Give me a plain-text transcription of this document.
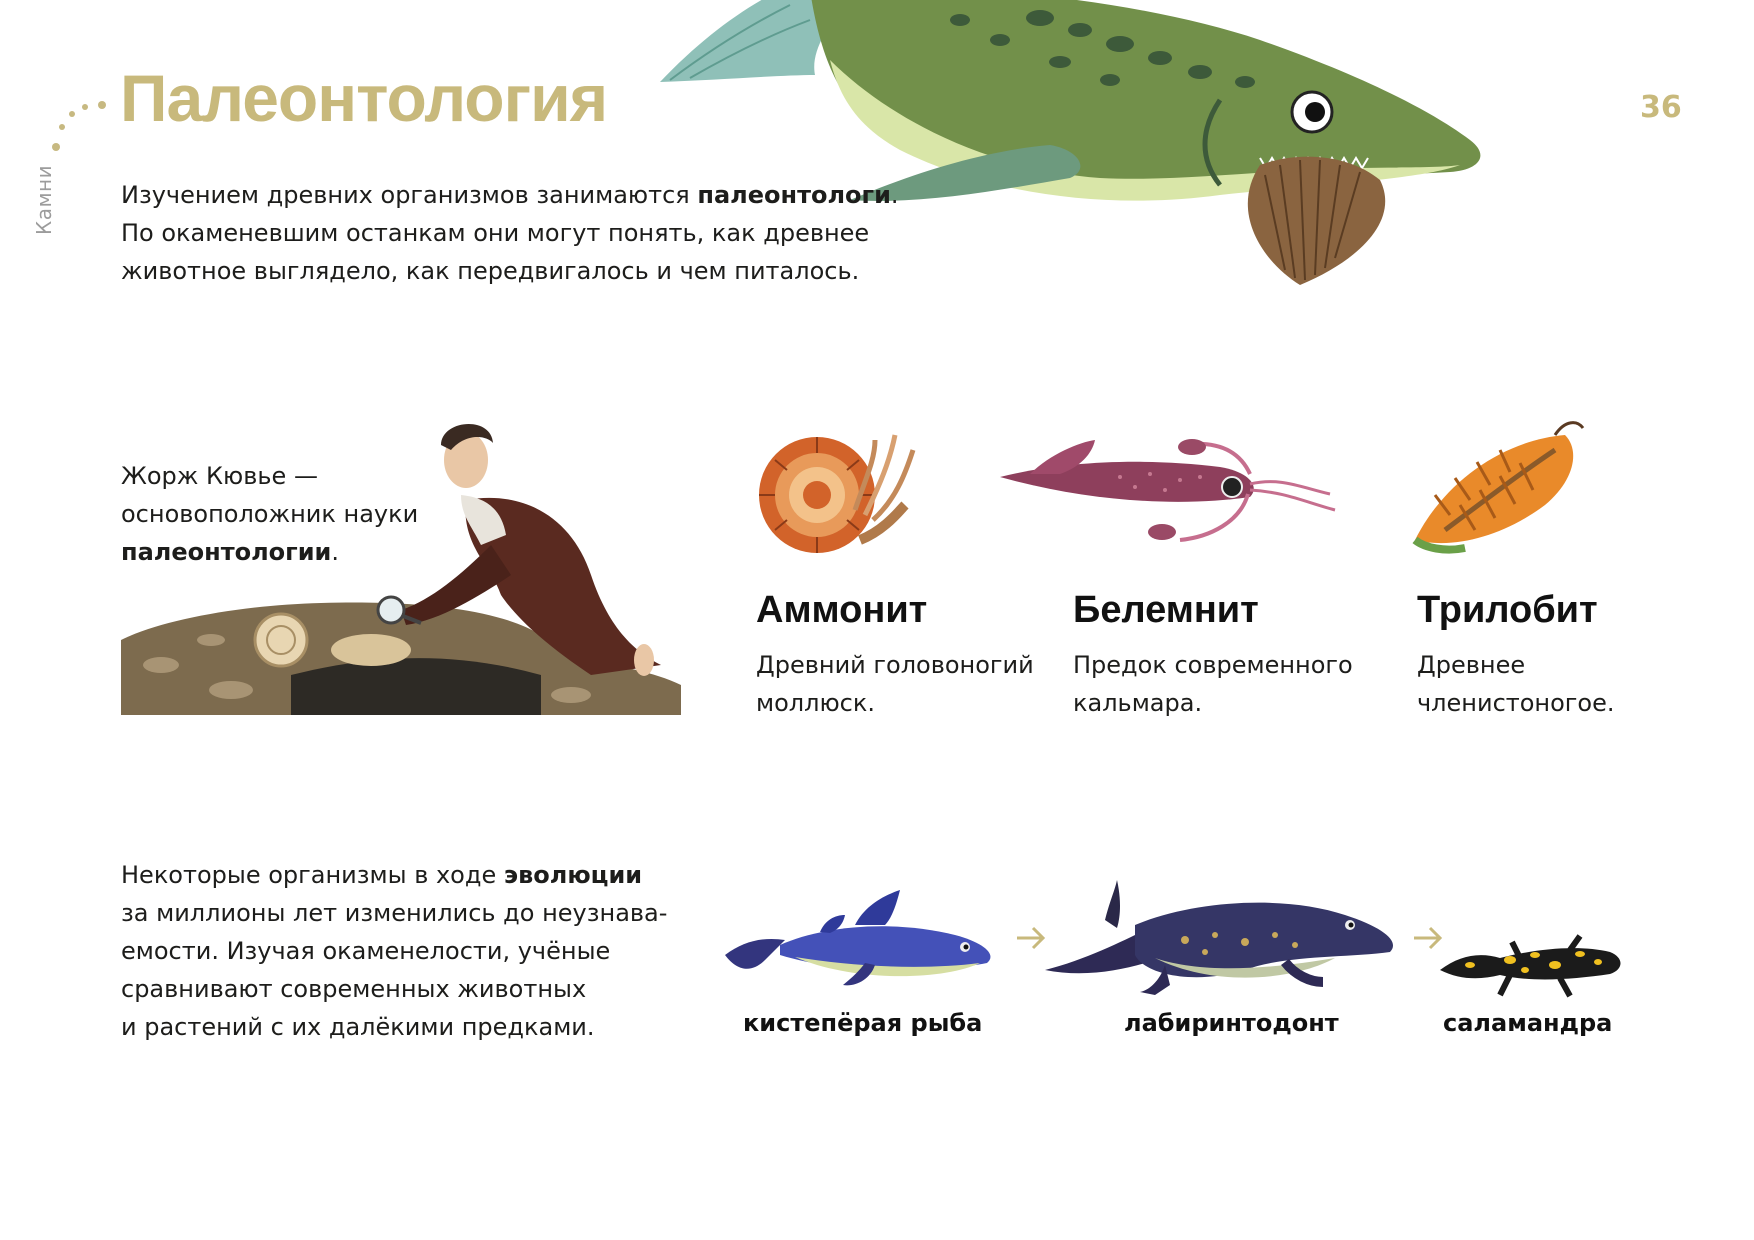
Камни
Палеонтология	36
Изучением древних организмов занимаются палеонтологи.
По окаменевшим останкам они могут понять, как древнее
животное выглядело, как передвигалось и чем питалось.
Жорж Кювье —
основоположник науки
палеонтологии.
Аммонит
Древний головоногий
моллюск.
Белемнит
Предок современного
кальмара.
Трилобит
Древнее
членистоногое.
Некоторые организмы в ходе эволюции
за миллионы лет изменились до неузнава-
емости. Изучая окаменелости, учёные
сравнивают современных животных
и растений с их далёкими предками.	кистепёрая рыба	лабиринтодонт	саламандра
